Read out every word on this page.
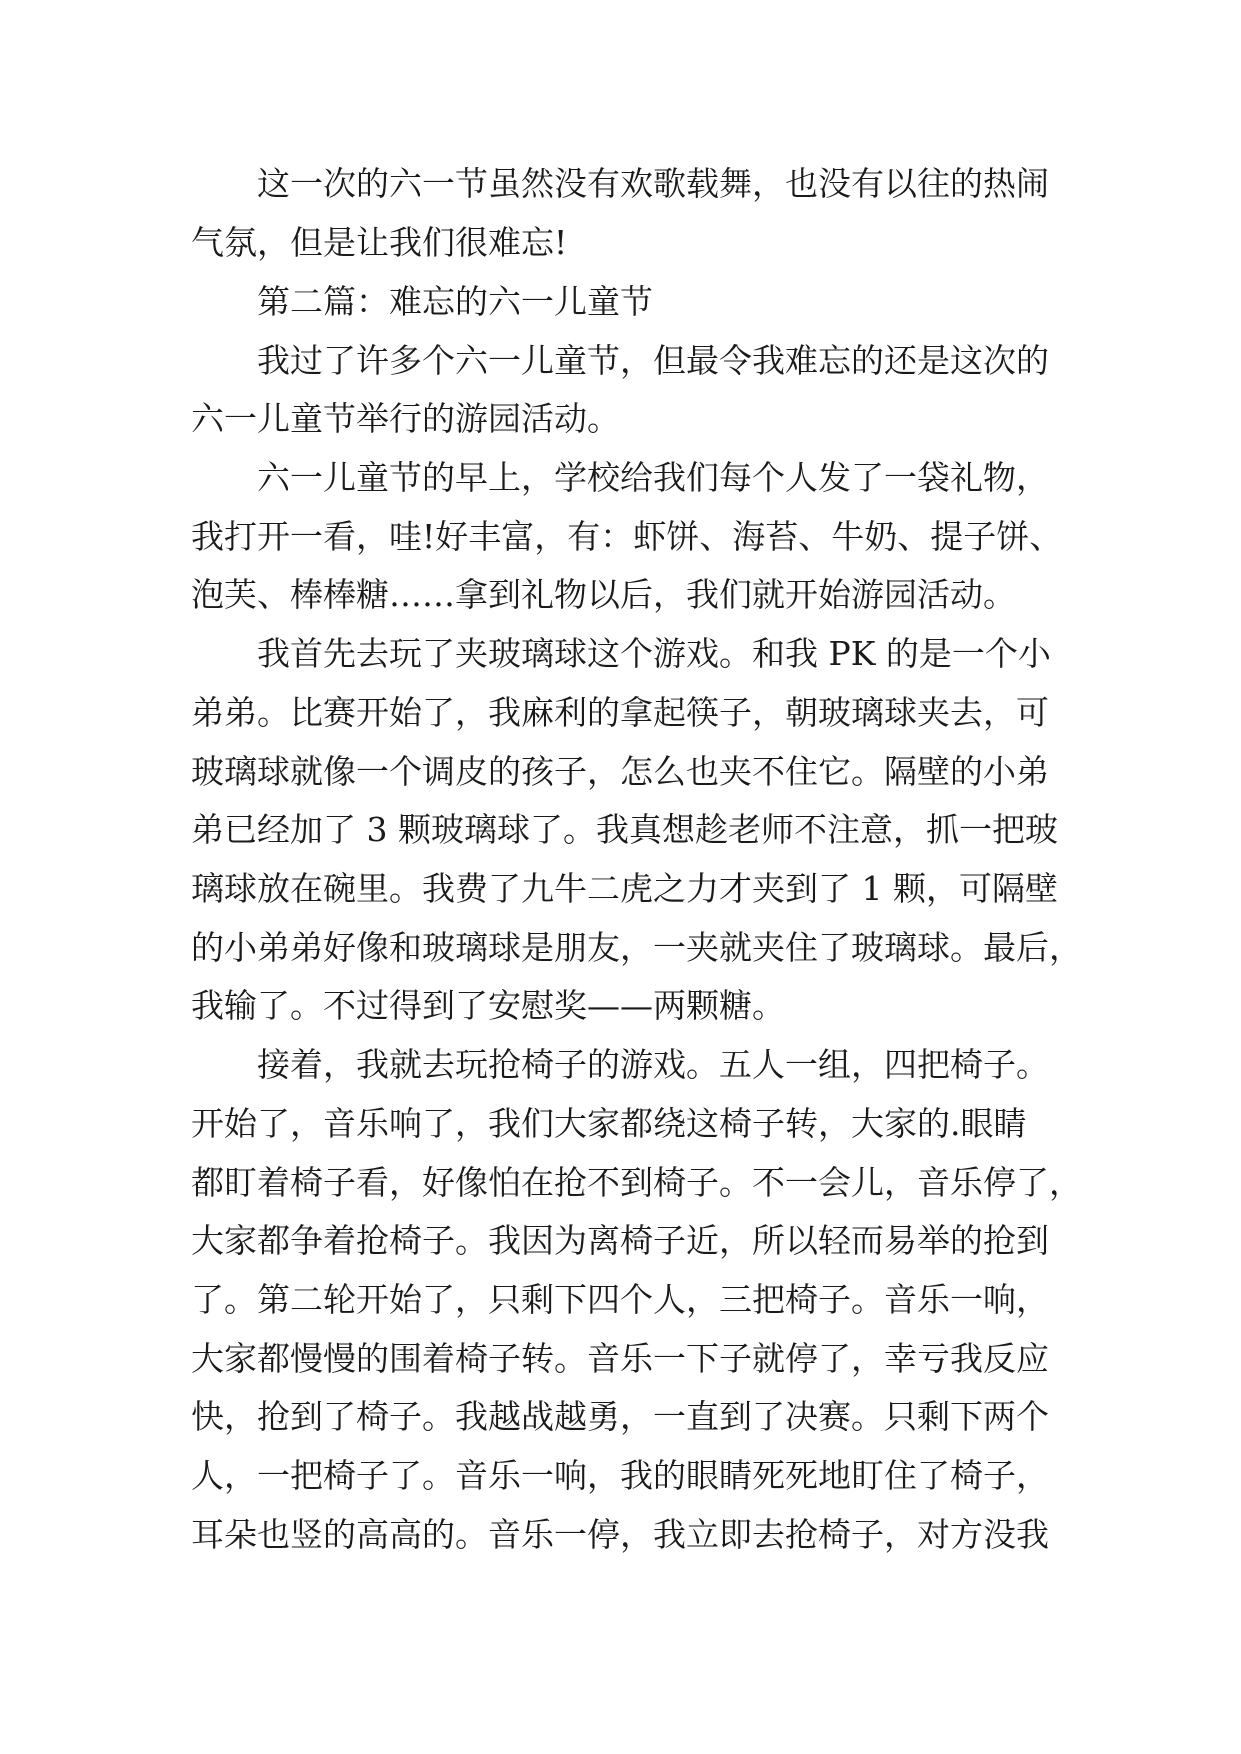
这一次的六一节虽然没有欢歌载舞，也没有以往的热闹
气氛，但是让我们很难忘!
第二篇：难忘的六一儿童节
我过了许多个六一儿童节，但最令我难忘的还是这次的
六一儿童节举行的游园活动。
六一儿童节的早上，学校给我们每个人发了一袋礼物，
我打开一看，哇!好丰富，有：虾饼、海苔、牛奶、提子饼、
泡芙、棒棒糖……拿到礼物以后，我们就开始游园活动。
我首先去玩了夹玻璃球这个游戏。和我 PK 的是一个小
弟弟。比赛开始了，我麻利的拿起筷子，朝玻璃球夹去，可
玻璃球就像一个调皮的孩子，怎么也夹不住它。隔壁的小弟
弟已经加了 3 颗玻璃球了。我真想趁老师不注意，抓一把玻
璃球放在碗里。我费了九牛二虎之力才夹到了 1 颗，可隔壁
的小弟弟好像和玻璃球是朋友，一夹就夹住了玻璃球。最后，
我输了。不过得到了安慰奖——两颗糖。
接着，我就去玩抢椅子的游戏。五人一组，四把椅子。
开始了，音乐响了，我们大家都绕这椅子转，大家的.眼睛
都盯着椅子看，好像怕在抢不到椅子。不一会儿，音乐停了，
大家都争着抢椅子。我因为离椅子近，所以轻而易举的抢到
了。第二轮开始了，只剩下四个人，三把椅子。音乐一响，
大家都慢慢的围着椅子转。音乐一下子就停了，幸亏我反应
快，抢到了椅子。我越战越勇，一直到了决赛。只剩下两个
人，一把椅子了。音乐一响，我的眼睛死死地盯住了椅子，
耳朵也竖的高高的。音乐一停，我立即去抢椅子，对方没我
